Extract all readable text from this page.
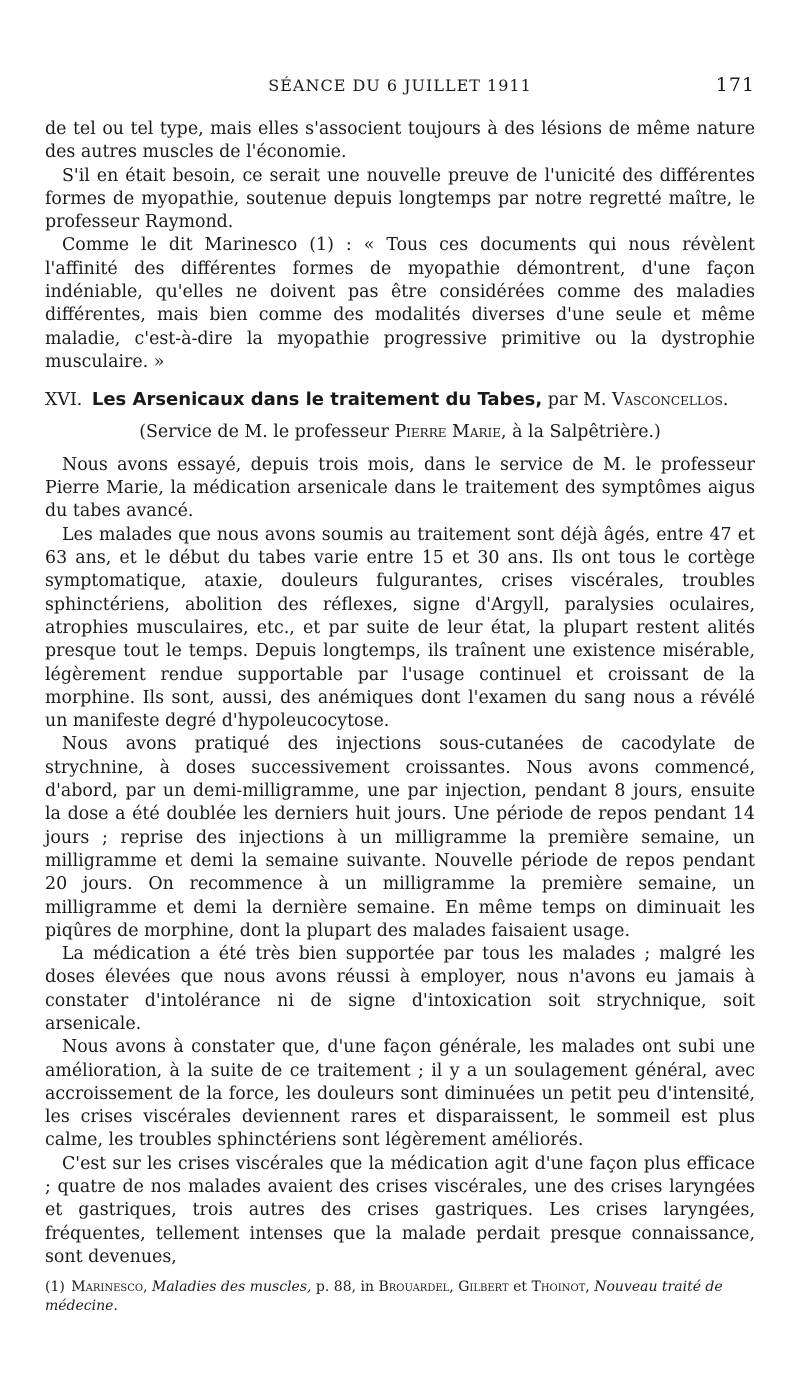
SÉANCE DU 6 JUILLET 1911	171

de tel ou tel type, mais elles s'associent toujours à des lésions de même nature des autres muscles de l'économie.

S'il en était besoin, ce serait une nouvelle preuve de l'unicité des différentes formes de myopathie, soutenue depuis longtemps par notre regretté maître, le professeur Raymond.

Comme le dit Marinesco (1) : « Tous ces documents qui nous révèlent l'affinité des différentes formes de myopathie démontrent, d'une façon indéniable, qu'elles ne doivent pas être considérées comme des maladies différentes, mais bien comme des modalités diverses d'une seule et même maladie, c'est-à-dire la myopathie progressive primitive ou la dystrophie musculaire. »

XVI. Les Arsenicaux dans le traitement du Tabes, par M. Vasconcellos.

(Service de M. le professeur Pierre Marie, à la Salpêtrière.)

Nous avons essayé, depuis trois mois, dans le service de M. le professeur Pierre Marie, la médication arsenicale dans le traitement des symptômes aigus du tabes avancé.

Les malades que nous avons soumis au traitement sont déjà âgés, entre 47 et 63 ans, et le début du tabes varie entre 15 et 30 ans. Ils ont tous le cortège symptomatique, ataxie, douleurs fulgurantes, crises viscérales, troubles sphinctériens, abolition des réflexes, signe d'Argyll, paralysies oculaires, atrophies musculaires, etc., et par suite de leur état, la plupart restent alités presque tout le temps. Depuis longtemps, ils traînent une existence misérable, légèrement rendue supportable par l'usage continuel et croissant de la morphine. Ils sont, aussi, des anémiques dont l'examen du sang nous a révélé un manifeste degré d'hypoleucocytose.

Nous avons pratiqué des injections sous-cutanées de cacodylate de strychnine, à doses successivement croissantes. Nous avons commencé, d'abord, par un demi-milligramme, une par injection, pendant 8 jours, ensuite la dose a été doublée les derniers huit jours. Une période de repos pendant 14 jours ; reprise des injections à un milligramme la première semaine, un milligramme et demi la semaine suivante. Nouvelle période de repos pendant 20 jours. On recommence à un milligramme la première semaine, un milligramme et demi la dernière semaine. En même temps on diminuait les piqûres de morphine, dont la plupart des malades faisaient usage.

La médication a été très bien supportée par tous les malades ; malgré les doses élevées que nous avons réussi à employer, nous n'avons eu jamais à constater d'intolérance ni de signe d'intoxication soit strychnique, soit arsenicale.

Nous avons à constater que, d'une façon générale, les malades ont subi une amélioration, à la suite de ce traitement ; il y a un soulagement général, avec accroissement de la force, les douleurs sont diminuées un petit peu d'intensité, les crises viscérales deviennent rares et disparaissent, le sommeil est plus calme, les troubles sphinctériens sont légèrement améliorés.

C'est sur les crises viscérales que la médication agit d'une façon plus efficace ; quatre de nos malades avaient des crises viscérales, une des crises laryngées et gastriques, trois autres des crises gastriques. Les crises laryngées, fréquentes, tellement intenses que la malade perdait presque connaissance, sont devenues,

(1) Marinesco, Maladies des muscles, p. 88, in Brouardel, Gilbert et Thoinot, Nouveau traité de médecine.
